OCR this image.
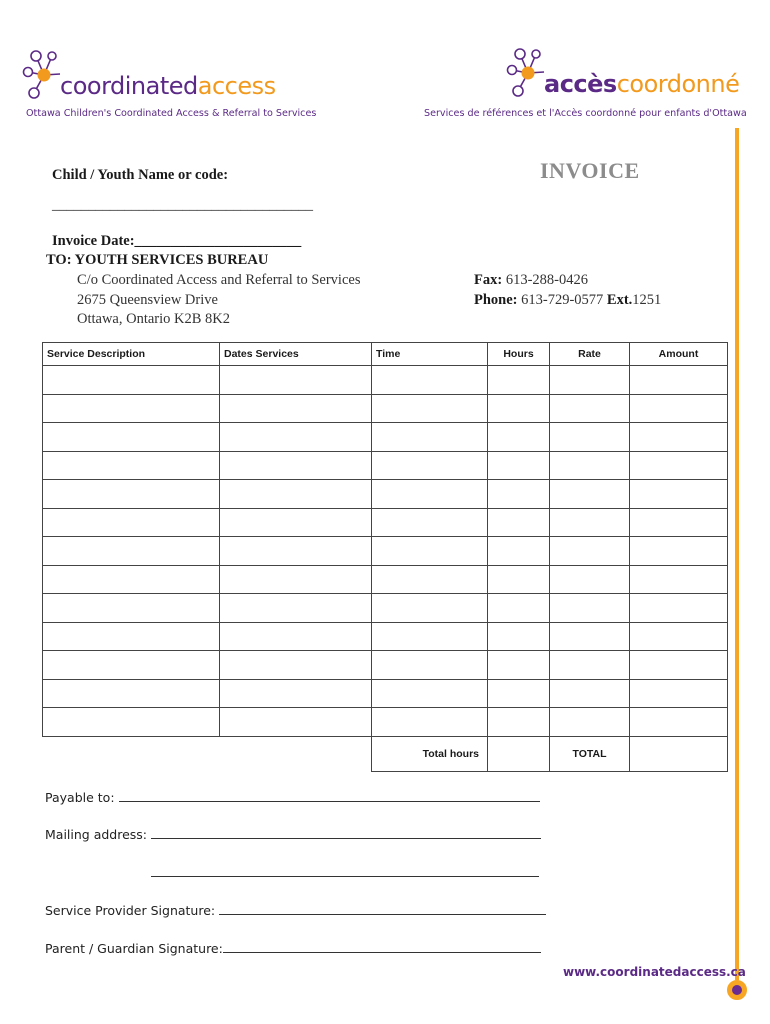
coordinatedaccess
Ottawa Children's Coordinated Access & Referral to Services
accèscoordonné
Services de références et l'Accès coordonné pour enfants d'Ottawa
Child / Youth Name or code:	INVOICE
____________________________________
Invoice Date:_______________________
TO: YOUTH SERVICES BUREAU
C/o Coordinated Access and Referral to Services
2675 Queensview Drive
Ottawa, Ontario K2B 8K2
Fax: 613-288-0426
Phone: 613-729-0577 Ext.1251
Service Description	Dates Services	Time	Hours	Rate	Amount

		Total hours		TOTAL	
Payable to:
Mailing address:
Service Provider Signature:
Parent / Guardian Signature:
www.coordinatedaccess.ca
